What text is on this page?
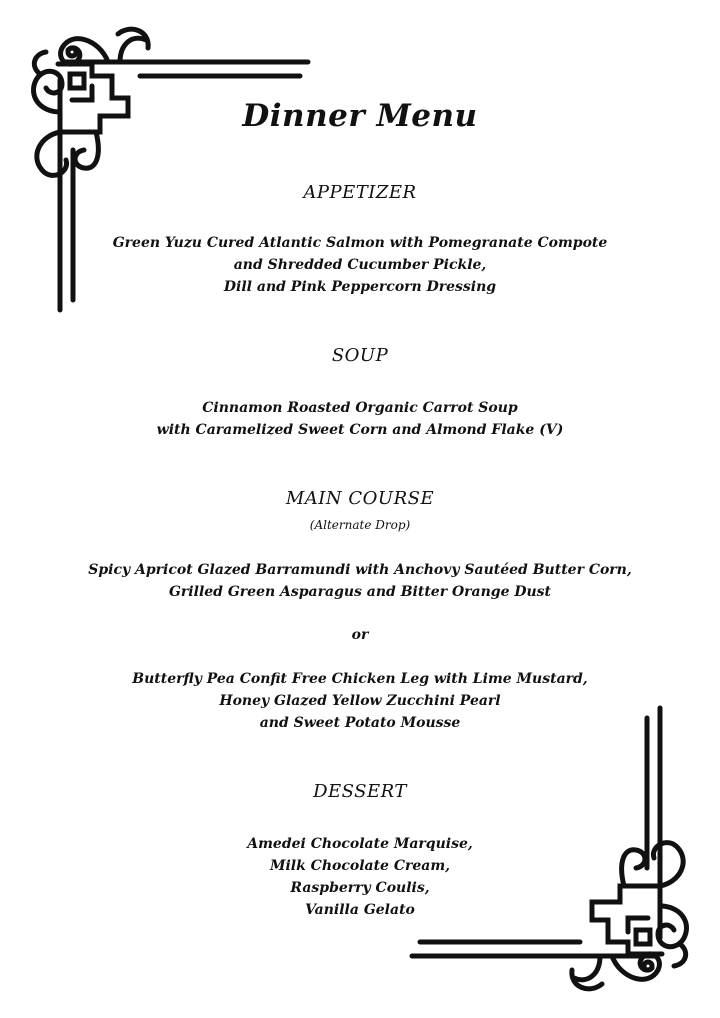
Dinner Menu
APPETIZER
Green Yuzu Cured Atlantic Salmon with Pomegranate Compote
and Shredded Cucumber Pickle,
Dill and Pink Peppercorn Dressing
SOUP
Cinnamon Roasted Organic Carrot Soup
with Caramelized Sweet Corn and Almond Flake (V)
MAIN COURSE
(Alternate Drop)
Spicy Apricot Glazed Barramundi with Anchovy Sautéed Butter Corn,
Grilled Green Asparagus and Bitter Orange Dust
or
Butterfly Pea Confit Free Chicken Leg with Lime Mustard,
Honey Glazed Yellow Zucchini Pearl
and Sweet Potato Mousse
DESSERT
Amedei Chocolate Marquise,
Milk Chocolate Cream,
Raspberry Coulis,
Vanilla Gelato
